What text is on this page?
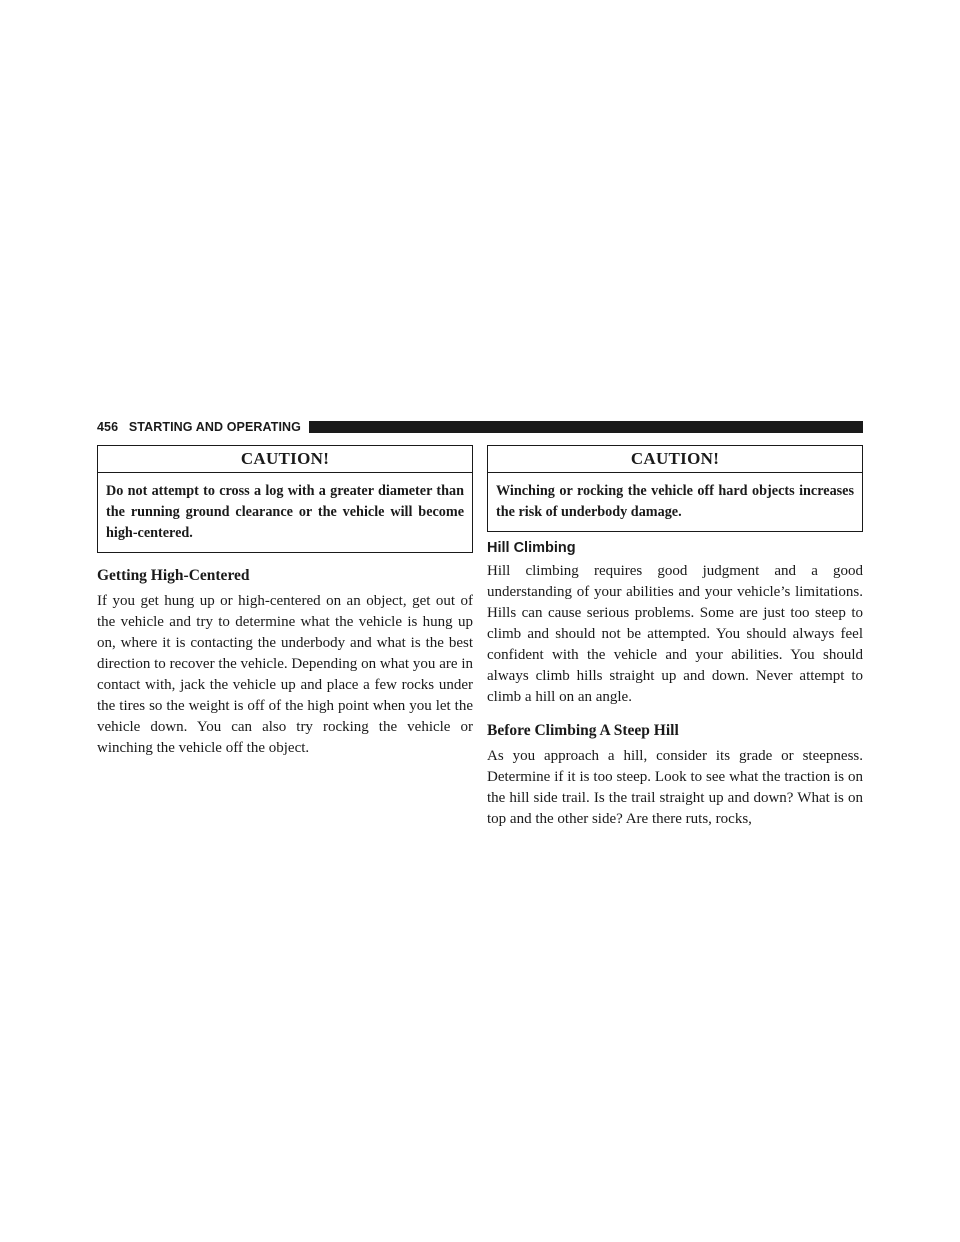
456 STARTING AND OPERATING
CAUTION!
Do not attempt to cross a log with a greater diameter than the running ground clearance or the vehicle will become high-centered.
Getting High-Centered

If you get hung up or high-centered on an object, get out of the vehicle and try to determine what the vehicle is hung up on, where it is contacting the underbody and what is the best direction to recover the vehicle. Depending on what you are in contact with, jack the vehicle up and place a few rocks under the tires so the weight is off of the high point when you let the vehicle down. You can also try rocking the vehicle or winching the vehicle off the object.

CAUTION!
Winching or rocking the vehicle off hard objects increases the risk of underbody damage.
Hill Climbing

Hill climbing requires good judgment and a good understanding of your abilities and your vehicle’s limitations. Hills can cause serious problems. Some are just too steep to climb and should not be attempted. You should always feel confident with the vehicle and your abilities. You should always climb hills straight up and down. Never attempt to climb a hill on an angle.

Before Climbing A Steep Hill

As you approach a hill, consider its grade or steepness. Determine if it is too steep. Look to see what the traction is on the hill side trail. Is the trail straight up and down? What is on top and the other side? Are there ruts, rocks,
